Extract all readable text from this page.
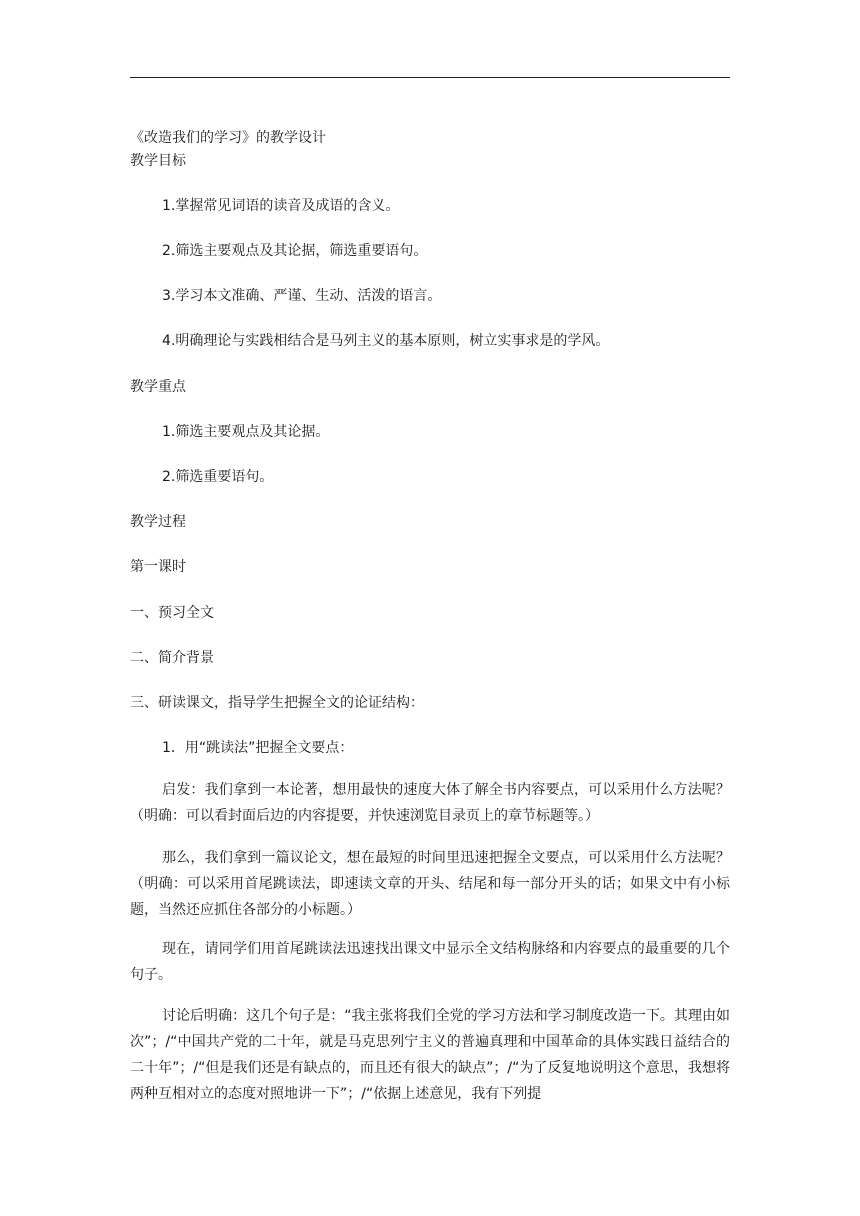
《改造我们的学习》的教学设计
教学目标
1.掌握常见词语的读音及成语的含义。
2.筛选主要观点及其论据，筛选重要语句。
3.学习本文准确、严谨、生动、活泼的语言。
4.明确理论与实践相结合是马列主义的基本原则，树立实事求是的学风。
教学重点
1.筛选主要观点及其论据。
2.筛选重要语句。
教学过程
第一课时
一、预习全文
二、简介背景
三、研读课文，指导学生把握全文的论证结构：
1．用“跳读法”把握全文要点：
启发：我们拿到一本论著，想用最快的速度大体了解全书内容要点，可以采用什么方法呢？（明确：可以看封面后边的内容提要，并快速浏览目录页上的章节标题等。）
那么，我们拿到一篇议论文，想在最短的时间里迅速把握全文要点，可以采用什么方法呢？（明确：可以采用首尾跳读法，即速读文章的开头、结尾和每一部分开头的话；如果文中有小标题，当然还应抓住各部分的小标题。）
现在，请同学们用首尾跳读法迅速找出课文中显示全文结构脉络和内容要点的最重要的几个句子。
讨论后明确：这几个句子是：“我主张将我们全党的学习方法和学习制度改造一下。其理由如次”；/“中国共产党的二十年，就是马克思列宁主义的普遍真理和中国革命的具体实践日益结合的二十年”；/“但是我们还是有缺点的，而且还有很大的缺点”；/“为了反复地说明这个意思，我想将两种互相对立的态度对照地讲一下”；/“依据上述意见，我有下列提
